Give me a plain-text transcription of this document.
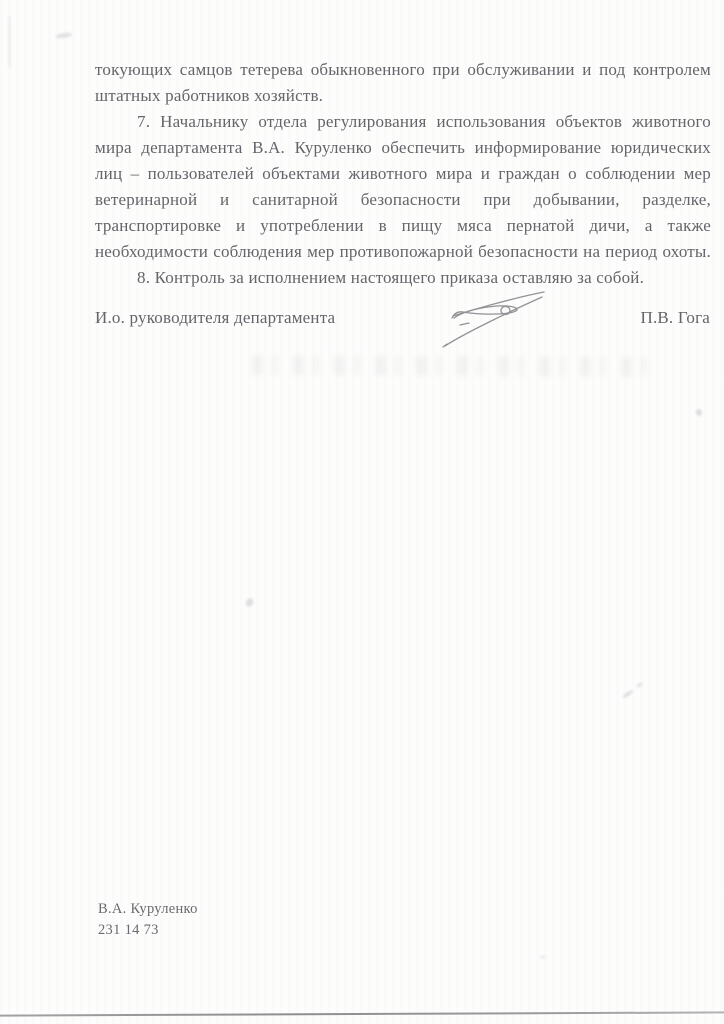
токующих самцов тетерева обыкновенного при обслуживании и под контролем
штатных работников хозяйств.
7. Начальнику отдела регулирования использования объектов животного
мира департамента В.А. Куруленко обеспечить информирование юридических
лиц – пользователей объектами животного мира и граждан о соблюдении мер
ветеринарной и санитарной безопасности при добывании, разделке,
транспортировке и употреблении в пищу мяса пернатой дичи, а также
необходимости соблюдения мер противопожарной безопасности на период охоты.
8. Контроль за исполнением настоящего приказа оставляю за собой.
И.о. руководителя департамента	П.В. Гога
В.А. Куруленко
231 14 73
